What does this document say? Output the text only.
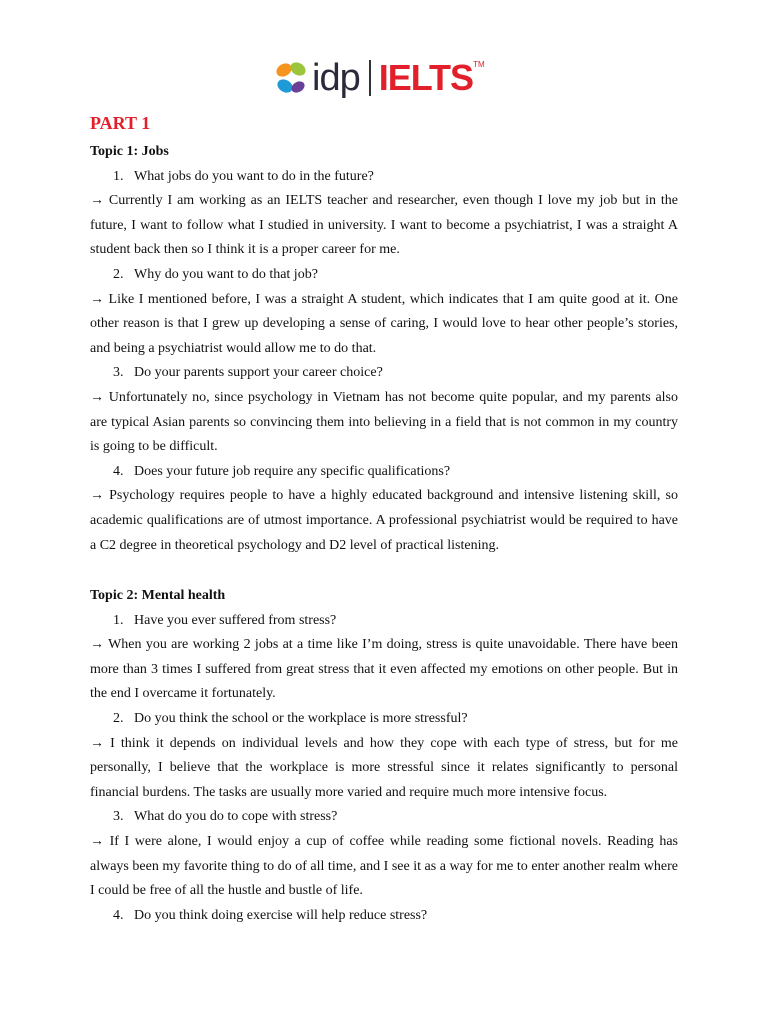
idp IELTS TM
PART 1
Topic 1: Jobs
1. What jobs do you want to do in the future?
→ Currently I am working as an IELTS teacher and researcher, even though I love my job but in the future, I want to follow what I studied in university. I want to become a psychiatrist, I was a straight A student back then so I think it is a proper career for me.
2. Why do you want to do that job?
→ Like I mentioned before, I was a straight A student, which indicates that I am quite good at it. One other reason is that I grew up developing a sense of caring, I would love to hear other people’s stories, and being a psychiatrist would allow me to do that.
3. Do your parents support your career choice?
→ Unfortunately no, since psychology in Vietnam has not become quite popular, and my parents also are typical Asian parents so convincing them into believing in a field that is not common in my country is going to be difficult.
4. Does your future job require any specific qualifications?
→ Psychology requires people to have a highly educated background and intensive listening skill, so academic qualifications are of utmost importance. A professional psychiatrist would be required to have a C2 degree in theoretical psychology and D2 level of practical listening.
Topic 2: Mental health
1. Have you ever suffered from stress?
→ When you are working 2 jobs at a time like I’m doing, stress is quite unavoidable. There have been more than 3 times I suffered from great stress that it even affected my emotions on other people. But in the end I overcame it fortunately.
2. Do you think the school or the workplace is more stressful?
→ I think it depends on individual levels and how they cope with each type of stress, but for me personally, I believe that the workplace is more stressful since it relates significantly to personal financial burdens. The tasks are usually more varied and require much more intensive focus.
3. What do you do to cope with stress?
→ If I were alone, I would enjoy a cup of coffee while reading some fictional novels. Reading has always been my favorite thing to do of all time, and I see it as a way for me to enter another realm where I could be free of all the hustle and bustle of life.
4. Do you think doing exercise will help reduce stress?
